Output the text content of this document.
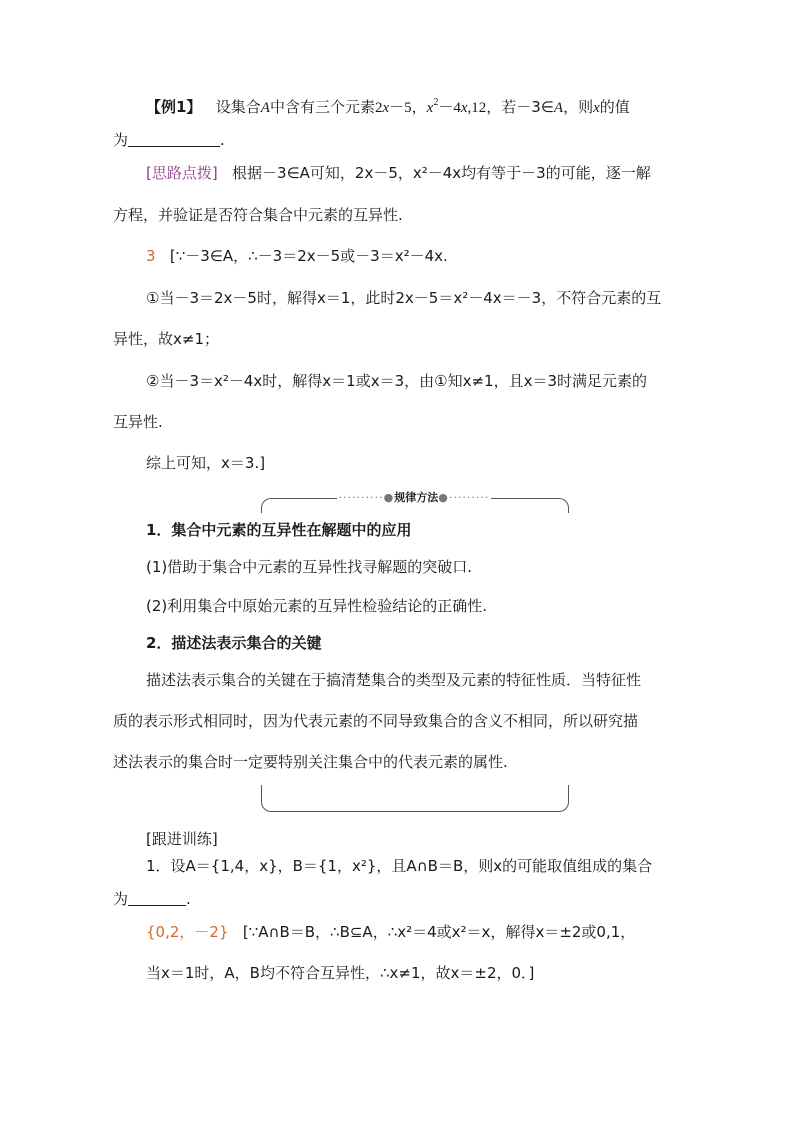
【例1】 设集合A中含有三个元素2x－5，$x^2-4x,12$，若－3∈A，则x的值
为	.
[思路点拨] 根据－3∈A可知，2x－5，x²－4x均有等于－3的可能，逐一解
方程，并验证是否符合集合中元素的互异性.
3 [∵－3∈A，∴－3＝2x－5或－3＝x²－4x.
①当－3＝2x－5时，解得x＝1，此时2x－5＝x²－4x＝－3，不符合元素的互
异性，故x≠1；
②当－3＝x²－4x时，解得x＝1或x＝3，由①知x≠1，且x＝3时满足元素的
互异性.
综上可知，x＝3.]
··········●规律方法●·········
1．集合中元素的互异性在解题中的应用
(1)借助于集合中元素的互异性找寻解题的突破口.
(2)利用集合中原始元素的互异性检验结论的正确性.
2．描述法表示集合的关键
描述法表示集合的关键在于搞清楚集合的类型及元素的特征性质．当特征性
质的表示形式相同时，因为代表元素的不同导致集合的含义不相同，所以研究描
述法表示的集合时一定要特别关注集合中的代表元素的属性.
[跟进训练]
1．设A＝{1,4，x}，B＝{1，x²}，且A∩B＝B，则x的可能取值组成的集合
为	.
{0,2，－2} [∵A∩B＝B，∴B⊆A，∴x²＝4或x²＝x，解得x＝±2或0,1，
当x＝1时，A，B均不符合互异性，∴x≠1，故x＝±2，0．]
